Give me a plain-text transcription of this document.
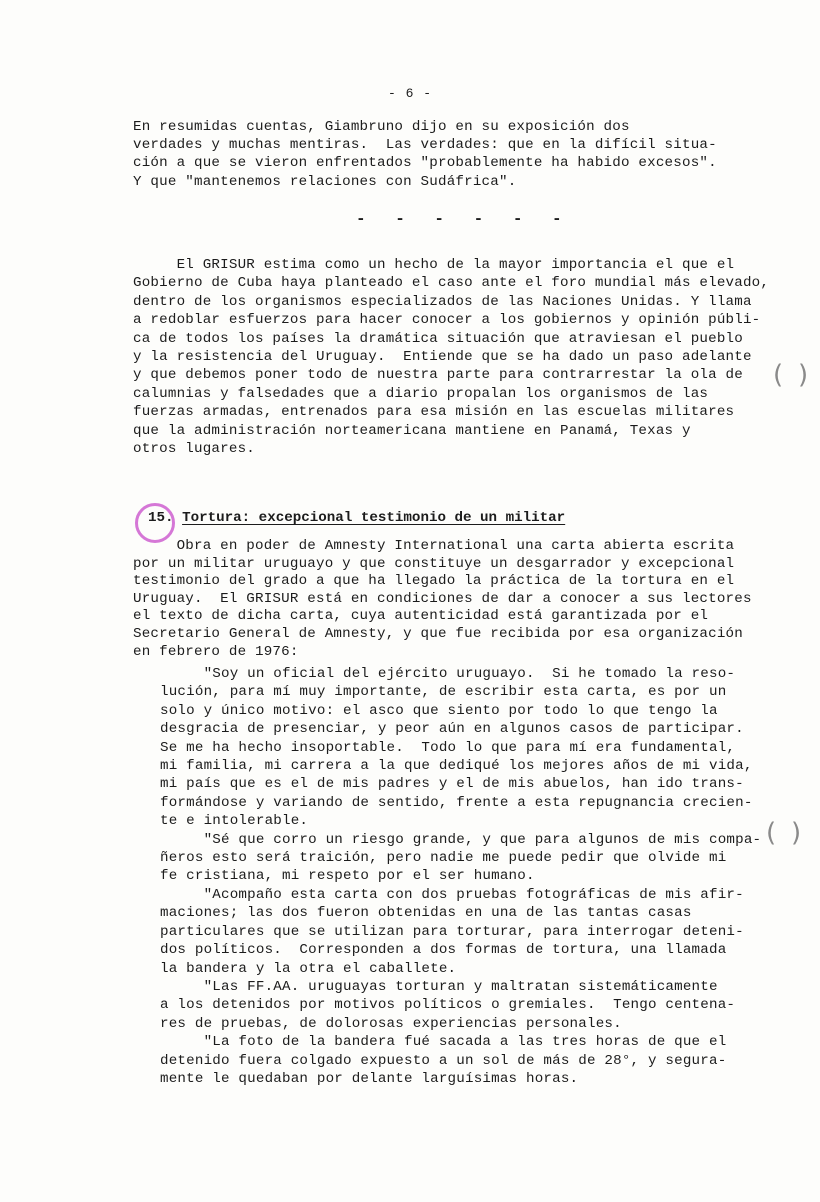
- 6 -
En resumidas cuentas, Giambruno dijo en su exposición dos
verdades y muchas mentiras.  Las verdades: que en la difícil situa-
ción a que se vieron enfrentados "probablemente ha habido excesos".
Y que "mantenemos relaciones con Sudáfrica".
- - - - - -
El GRISUR estima como un hecho de la mayor importancia el que el
Gobierno de Cuba haya planteado el caso ante el foro mundial más elevado,
dentro de los organismos especializados de las Naciones Unidas. Y llama
a redoblar esfuerzos para hacer conocer a los gobiernos y opinión públi-
ca de todos los países la dramática situación que atraviesan el pueblo
y la resistencia del Uruguay.  Entiende que se ha dado un paso adelante
y que debemos poner todo de nuestra parte para contrarrestar la ola de
calumnias y falsedades que a diario propalan los organismos de las
fuerzas armadas, entrenados para esa misión en las escuelas militares
que la administración norteamericana mantiene en Panamá, Texas y
otros lugares.
15. Tortura: excepcional testimonio de un militar
Obra en poder de Amnesty International una carta abierta escrita
por un militar uruguayo y que constituye un desgarrador y excepcional
testimonio del grado a que ha llegado la práctica de la tortura en el
Uruguay.  El GRISUR está en condiciones de dar a conocer a sus lectores
el texto de dicha carta, cuya autenticidad está garantizada por el
Secretario General de Amnesty, y que fue recibida por esa organización
en febrero de 1976:
"Soy un oficial del ejército uruguayo.  Si he tomado la reso-
lución, para mí muy importante, de escribir esta carta, es por un
solo y único motivo: el asco que siento por todo lo que tengo la
desgracia de presenciar, y peor aún en algunos casos de participar.
Se me ha hecho insoportable.  Todo lo que para mí era fundamental,
mi familia, mi carrera a la que dediqué los mejores años de mi vida,
mi país que es el de mis padres y el de mis abuelos, han ido trans-
formándose y variando de sentido, frente a esta repugnancia crecien-
te e intolerable.
"Sé que corro un riesgo grande, y que para algunos de mis compa-
ñeros esto será traición, pero nadie me puede pedir que olvide mi
fe cristiana, mi respeto por el ser humano.
"Acompaño esta carta con dos pruebas fotográficas de mis afir-
maciones; las dos fueron obtenidas en una de las tantas casas
particulares que se utilizan para torturar, para interrogar deteni-
dos políticos.  Corresponden a dos formas de tortura, una llamada
la bandera y la otra el caballete.
"Las FF.AA. uruguayas torturan y maltratan sistemáticamente
a los detenidos por motivos políticos o gremiales.  Tengo centena-
res de pruebas, de dolorosas experiencias personales.
"La foto de la bandera fué sacada a las tres horas de que el
detenido fuera colgado expuesto a un sol de más de 28°, y segura-
mente le quedaban por delante larguísimas horas.
( (
( (
